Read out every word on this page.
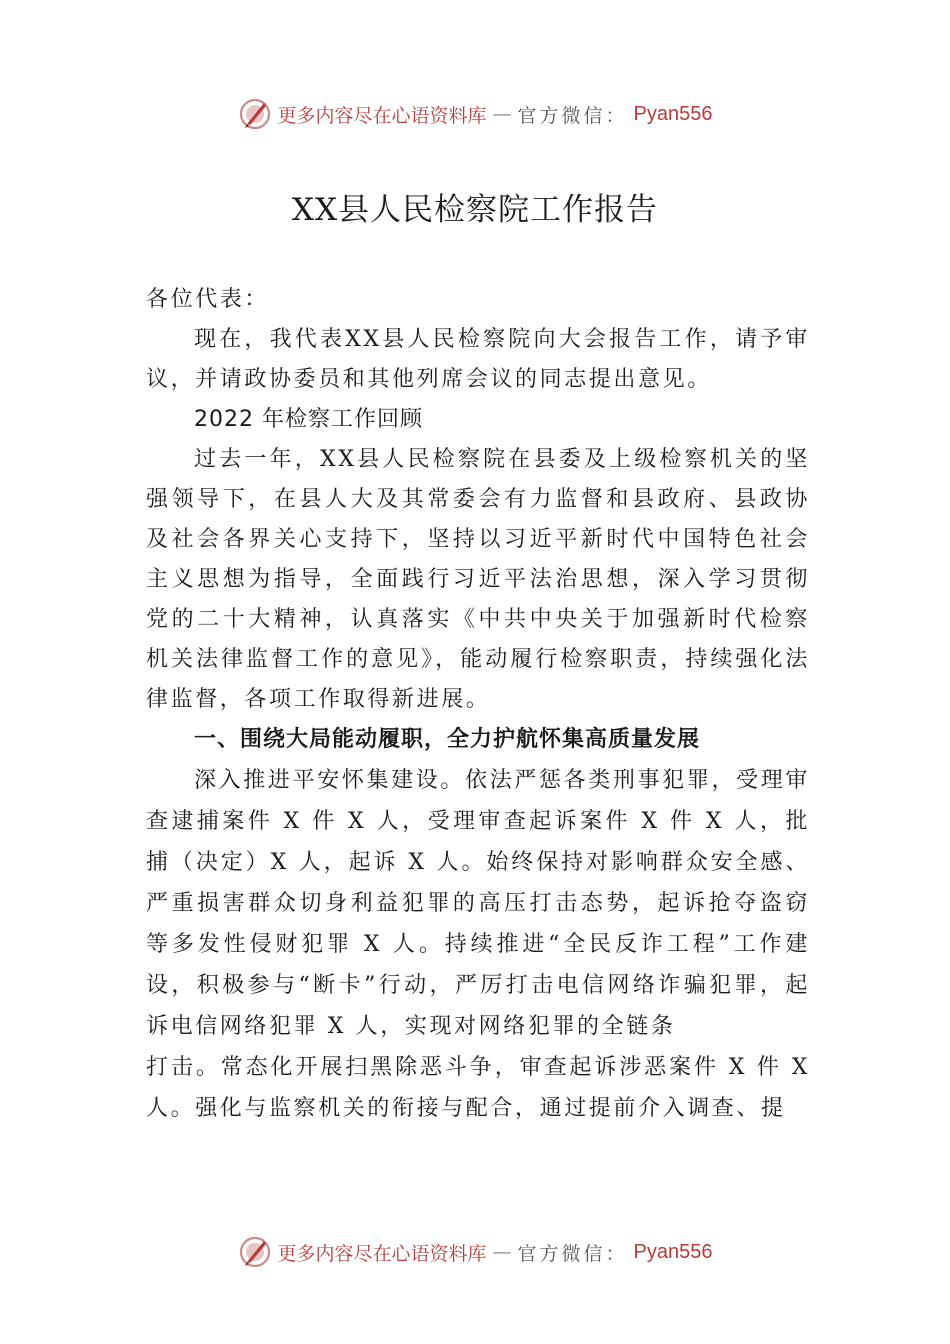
更多内容尽在心语资料库 — 官方微信： Pyan556
XX县人民检察院工作报告

各位代表：

现在，我代表XX县人民检察院向大会报告工作，请予审议，并请政协委员和其他列席会议的同志提出意见。

2022 年检察工作回顾

过去一年，XX县人民检察院在县委及上级检察机关的坚强领导下，在县人大及其常委会有力监督和县政府、县政协及社会各界关心支持下，坚持以习近平新时代中国特色社会主义思想为指导，全面践行习近平法治思想，深入学习贯彻党的二十大精神，认真落实《中共中央关于加强新时代检察机关法律监督工作的意见》，能动履行检察职责，持续强化法律监督，各项工作取得新进展。

一、围绕大局能动履职，全力护航怀集高质量发展

深入推进平安怀集建设。依法严惩各类刑事犯罪，受理审查逮捕案件 X 件 X 人，受理审查起诉案件 X 件 X 人，批捕（决定）X 人，起诉 X 人。始终保持对影响群众安全感、严重损害群众切身利益犯罪的高压打击态势，起诉抢夺盗窃等多发性侵财犯罪 X 人。持续推进“全民反诈工程”工作建设，积极参与“断卡”行动，严厉打击电信网络诈骗犯罪，起诉电信网络犯罪 X 人，实现对网络犯罪的全链条

打击。常态化开展扫黑除恶斗争，审查起诉涉恶案件 X 件 X 人。强化与监察机关的衔接与配合，通过提前介入调查、提

更多内容尽在心语资料库 — 官方微信： Pyan556
